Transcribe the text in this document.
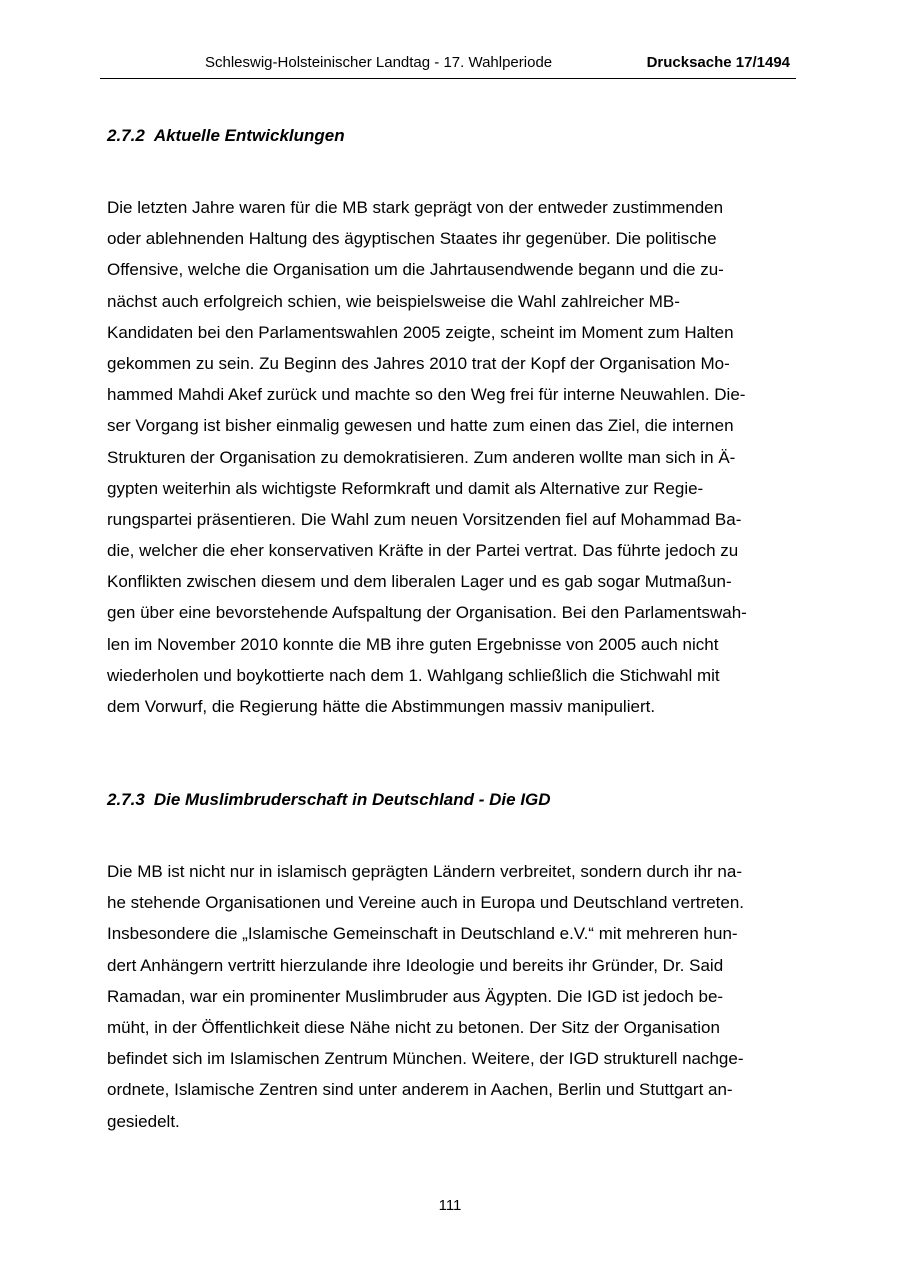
Schleswig-Holsteinischer Landtag - 17. Wahlperiode	Drucksache 17/1494
2.7.2 Aktuelle Entwicklungen
Die letzten Jahre waren für die MB stark geprägt von der entweder zustimmenden
oder ablehnenden Haltung des ägyptischen Staates ihr gegenüber. Die politische
Offensive, welche die Organisation um die Jahrtausendwende begann und die zu-
nächst auch erfolgreich schien, wie beispielsweise die Wahl zahlreicher MB-
Kandidaten bei den Parlamentswahlen 2005 zeigte, scheint im Moment zum Halten
gekommen zu sein. Zu Beginn des Jahres 2010 trat der Kopf der Organisation Mo-
hammed Mahdi Akef zurück und machte so den Weg frei für interne Neuwahlen. Die-
ser Vorgang ist bisher einmalig gewesen und hatte zum einen das Ziel, die internen
Strukturen der Organisation zu demokratisieren. Zum anderen wollte man sich in Ä-
gypten weiterhin als wichtigste Reformkraft und damit als Alternative zur Regie-
rungspartei präsentieren. Die Wahl zum neuen Vorsitzenden fiel auf Mohammad Ba-
die, welcher die eher konservativen Kräfte in der Partei vertrat. Das führte jedoch zu
Konflikten zwischen diesem und dem liberalen Lager und es gab sogar Mutmaßun-
gen über eine bevorstehende Aufspaltung der Organisation. Bei den Parlamentswah-
len im November 2010 konnte die MB ihre guten Ergebnisse von 2005 auch nicht
wiederholen und boykottierte nach dem 1. Wahlgang schließlich die Stichwahl mit
dem Vorwurf, die Regierung hätte die Abstimmungen massiv manipuliert.
2.7.3 Die Muslimbruderschaft in Deutschland - Die IGD
Die MB ist nicht nur in islamisch geprägten Ländern verbreitet, sondern durch ihr na-
he stehende Organisationen und Vereine auch in Europa und Deutschland vertreten.
Insbesondere die „Islamische Gemeinschaft in Deutschland e.V.“ mit mehreren hun-
dert Anhängern vertritt hierzulande ihre Ideologie und bereits ihr Gründer, Dr. Said
Ramadan, war ein prominenter Muslimbruder aus Ägypten. Die IGD ist jedoch be-
müht, in der Öffentlichkeit diese Nähe nicht zu betonen. Der Sitz der Organisation
befindet sich im Islamischen Zentrum München. Weitere, der IGD strukturell nachge-
ordnete, Islamische Zentren sind unter anderem in Aachen, Berlin und Stuttgart an-
gesiedelt.
111
